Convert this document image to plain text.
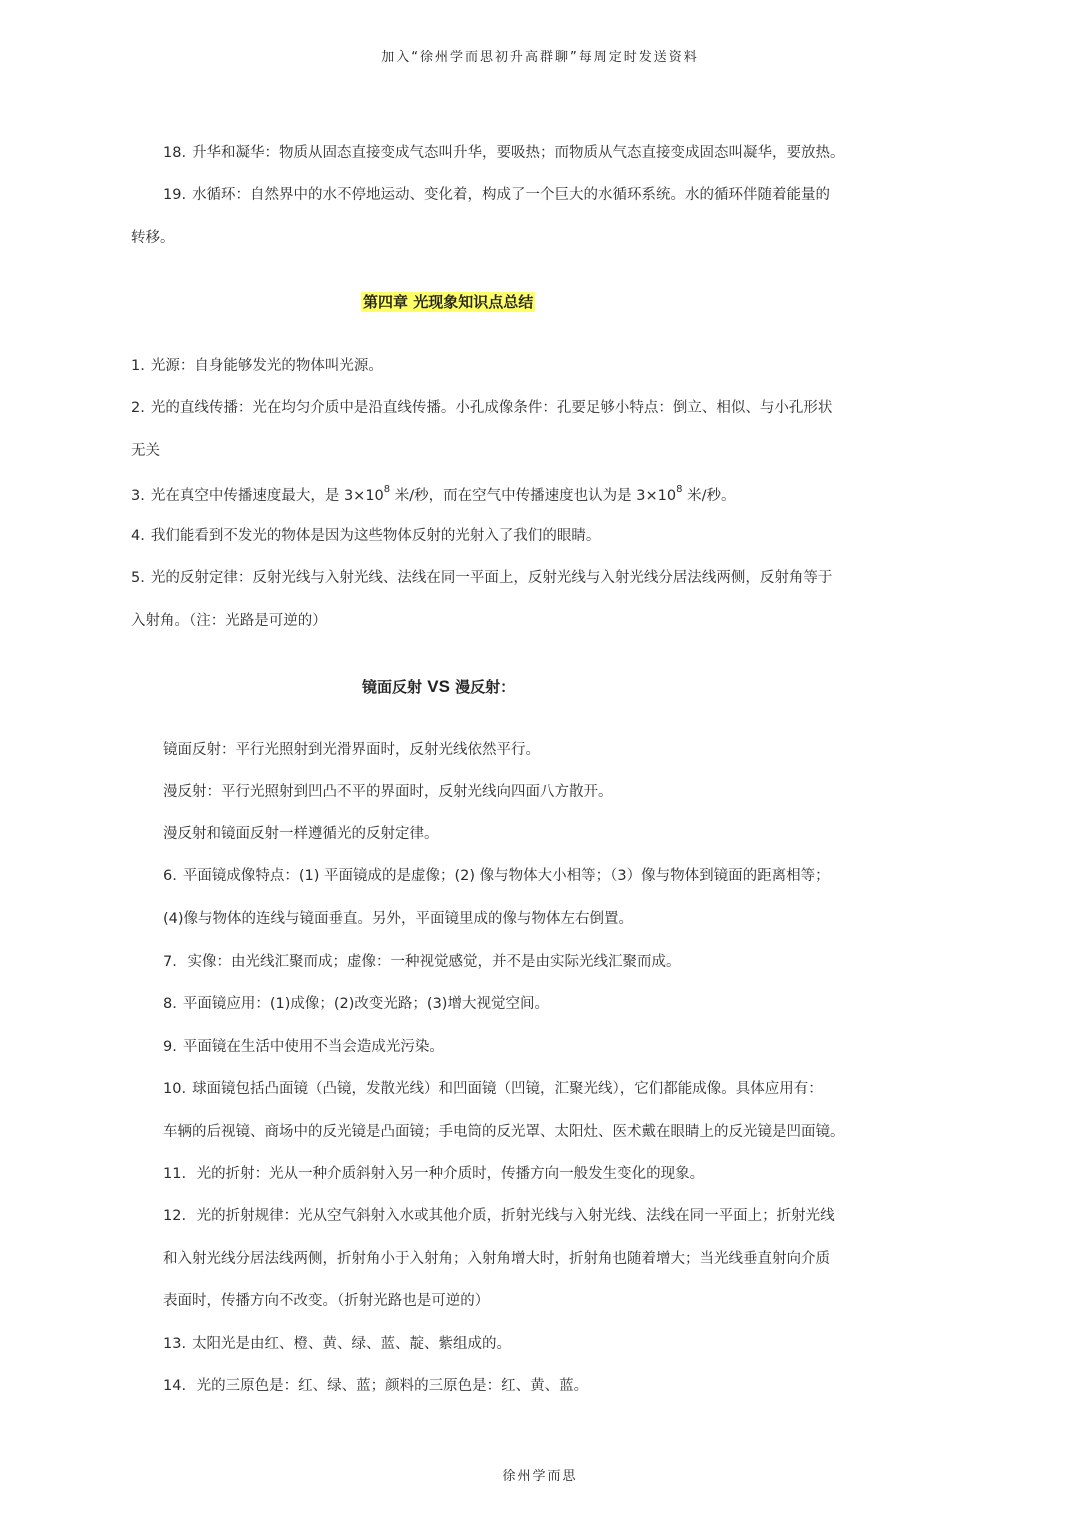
加入“徐州学而思初升高群聊”每周定时发送资料
18. 升华和凝华：物质从固态直接变成气态叫升华，要吸热；而物质从气态直接变成固态叫凝华，要放热。
19. 水循环：自然界中的水不停地运动、变化着，构成了一个巨大的水循环系统。水的循环伴随着能量的
转移。
第四章 光现象知识点总结
1. 光源：自身能够发光的物体叫光源。
2. 光的直线传播：光在均匀介质中是沿直线传播。小孔成像条件：孔要足够小特点：倒立、相似、与小孔形状
无关
3. 光在真空中传播速度最大，是 $3\times 10^8$ 米/秒，而在空气中传播速度也认为是 $3\times 10^8$ 米/秒。
4. 我们能看到不发光的物体是因为这些物体反射的光射入了我们的眼睛。
5. 光的反射定律：反射光线与入射光线、法线在同一平面上，反射光线与入射光线分居法线两侧，反射角等于
入射角。（注：光路是可逆的）
镜面反射 VS 漫反射：
镜面反射：平行光照射到光滑界面时，反射光线依然平行。
漫反射：平行光照射到凹凸不平的界面时，反射光线向四面八方散开。
漫反射和镜面反射一样遵循光的反射定律。
6. 平面镜成像特点：(1) 平面镜成的是虚像；(2) 像与物体大小相等；（3）像与物体到镜面的距离相等；
(4)像与物体的连线与镜面垂直。另外，平面镜里成的像与物体左右倒置。
7. 实像：由光线汇聚而成；虚像：一种视觉感觉，并不是由实际光线汇聚而成。
8. 平面镜应用：(1)成像；(2)改变光路；(3)增大视觉空间。
9. 平面镜在生活中使用不当会造成光污染。
10. 球面镜包括凸面镜（凸镜，发散光线）和凹面镜（凹镜，汇聚光线），它们都能成像。具体应用有：
车辆的后视镜、商场中的反光镜是凸面镜；手电筒的反光罩、太阳灶、医术戴在眼睛上的反光镜是凹面镜。
11. 光的折射：光从一种介质斜射入另一种介质时，传播方向一般发生变化的现象。
12. 光的折射规律：光从空气斜射入水或其他介质，折射光线与入射光线、法线在同一平面上；折射光线
和入射光线分居法线两侧，折射角小于入射角；入射角增大时，折射角也随着增大；当光线垂直射向介质
表面时，传播方向不改变。（折射光路也是可逆的）
13. 太阳光是由红、橙、黄、绿、蓝、靛、紫组成的。
14. 光的三原色是：红、绿、蓝；颜料的三原色是：红、黄、蓝。
徐州学而思
